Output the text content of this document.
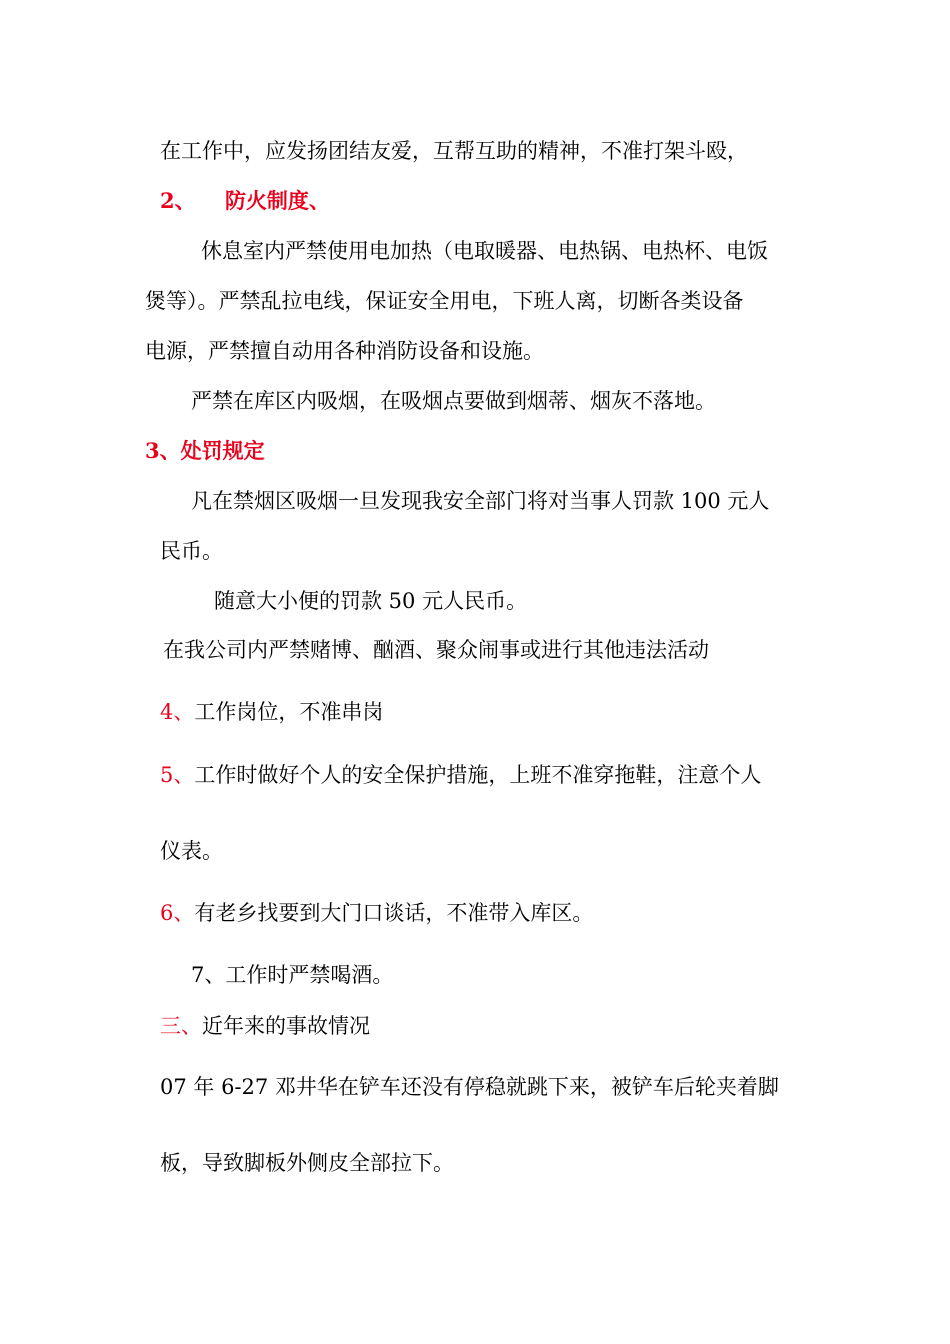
在工作中，应发扬团结友爱，互帮互助的精神，不准打架斗殴，
2、 防火制度、
休息室内严禁使用电加热（电取暖器、电热锅、电热杯、电饭
煲等）。严禁乱拉电线，保证安全用电，下班人离，切断各类设备
电源，严禁擅自动用各种消防设备和设施。
严禁在库区内吸烟，在吸烟点要做到烟蒂、烟灰不落地。
3、处罚规定
凡在禁烟区吸烟一旦发现我安全部门将对当事人罚款 100 元人
民币。
随意大小便的罚款 50 元人民币。
在我公司内严禁赌博、酗酒、聚众闹事或进行其他违法活动
4、工作岗位，不准串岗
5、工作时做好个人的安全保护措施，上班不准穿拖鞋，注意个人
仪表。
6、有老乡找要到大门口谈话，不准带入库区。
7、工作时严禁喝酒。
三、近年来的事故情况
07 年 6-27 邓井华在铲车还没有停稳就跳下来，被铲车后轮夹着脚
板，导致脚板外侧皮全部拉下。
